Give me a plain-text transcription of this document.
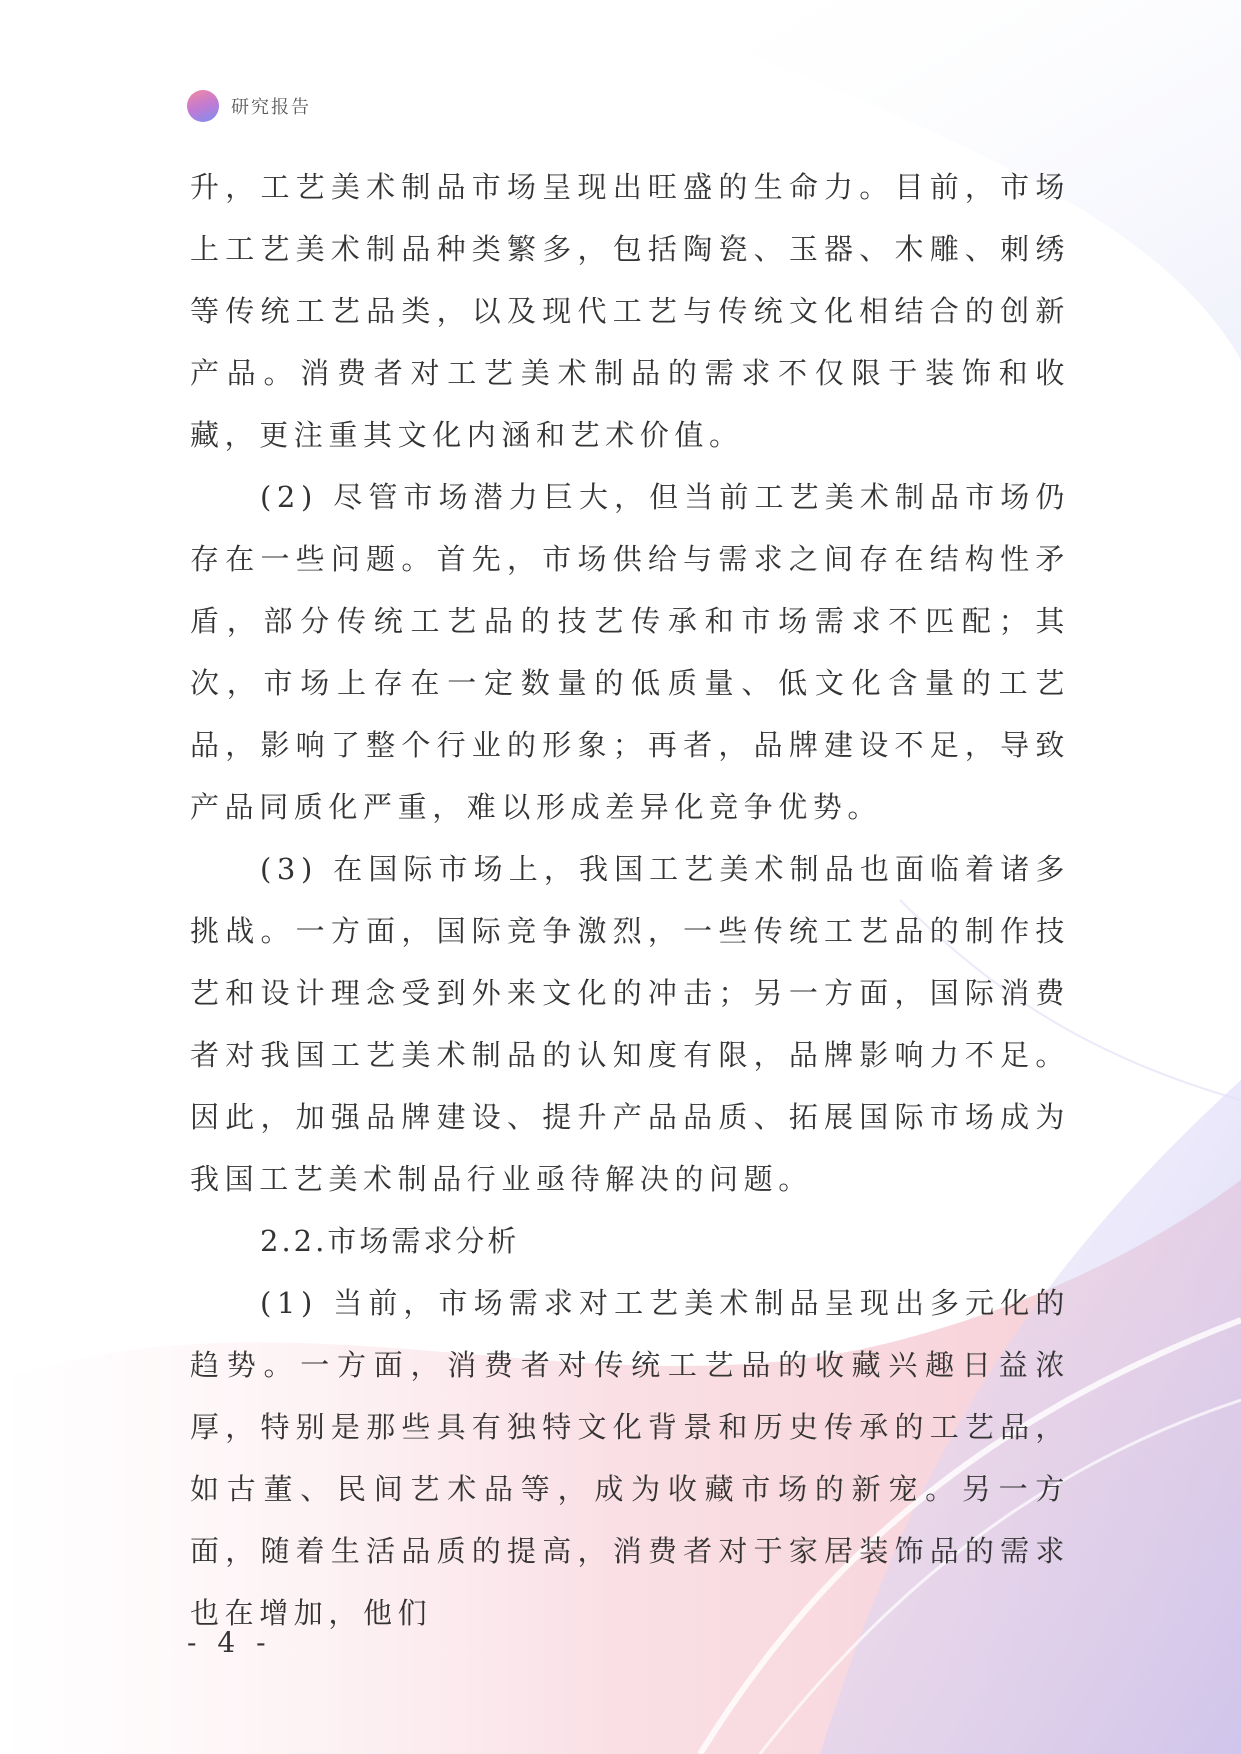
研究报告

升，工艺美术制品市场呈现出旺盛的生命力。目前，市场上工艺美术制品种类繁多，包括陶瓷、玉器、木雕、刺绣等传统工艺品类，以及现代工艺与传统文化相结合的创新产品。消费者对工艺美术制品的需求不仅限于装饰和收藏，更注重其文化内涵和艺术价值。

(2) 尽管市场潜力巨大，但当前工艺美术制品市场仍存在一些问题。首先，市场供给与需求之间存在结构性矛盾，部分传统工艺品的技艺传承和市场需求不匹配；其次，市场上存在一定数量的低质量、低文化含量的工艺品，影响了整个行业的形象；再者，品牌建设不足，导致产品同质化严重，难以形成差异化竞争优势。

(3) 在国际市场上，我国工艺美术制品也面临着诸多挑战。一方面，国际竞争激烈，一些传统工艺品的制作技艺和设计理念受到外来文化的冲击；另一方面，国际消费者对我国工艺美术制品的认知度有限，品牌影响力不足。因此，加强品牌建设、提升产品品质、拓展国际市场成为我国工艺美术制品行业亟待解决的问题。

2.2.市场需求分析

(1) 当前，市场需求对工艺美术制品呈现出多元化的趋势。一方面，消费者对传统工艺品的收藏兴趣日益浓厚，特别是那些具有独特文化背景和历史传承的工艺品，如古董、民间艺术品等，成为收藏市场的新宠。另一方面，随着生活品质的提高，消费者对于家居装饰品的需求也在增加，他们

- 4 -
